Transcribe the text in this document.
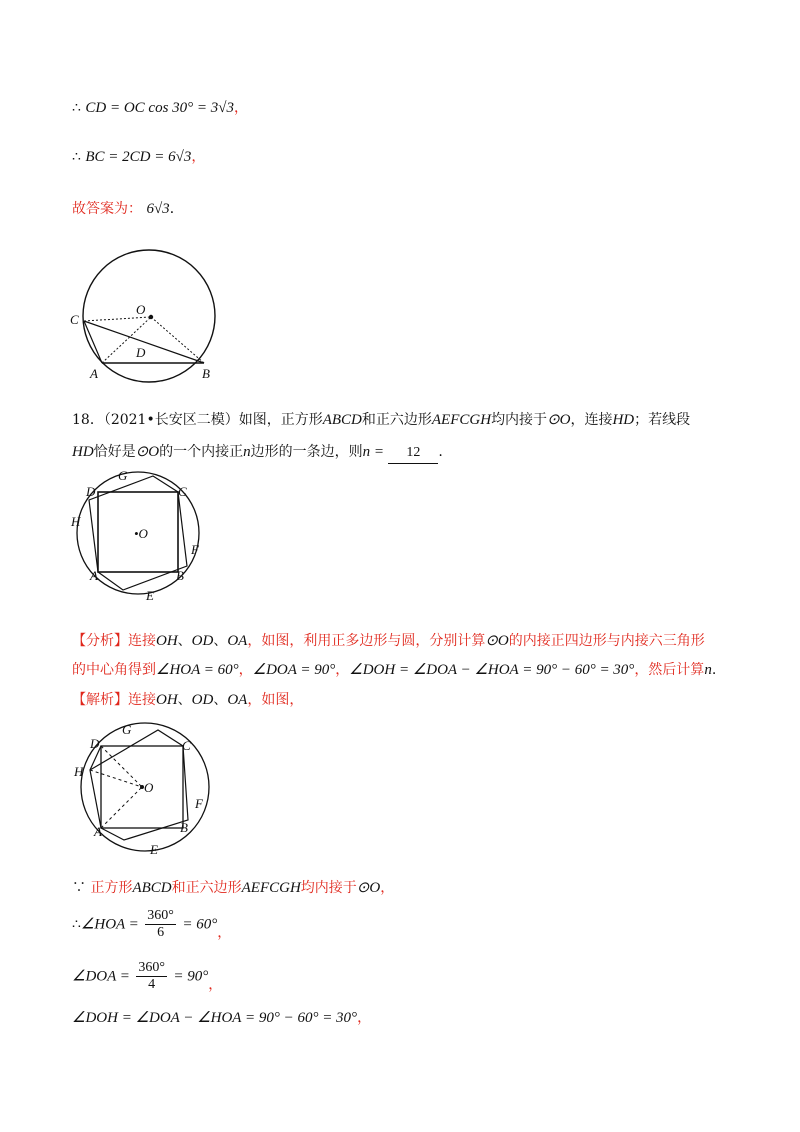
∴ CD = OC cos 30° = 3√3，
∴ BC = 2CD = 6√3，
故答案为： 6√3．
O
C
D
A	B
18．（2021•长安区二模）如图，正方形ABCD和正六边形AEFCGH均内接于⊙O，连接HD；若线段
HD恰好是⊙O的一个内接正n边形的一条边，则n = 12 .
G
D	C
H
•O
F
A	B
E
【分析】连接OH、OD、OA，如图，利用正多边形与圆，分别计算⊙O的内接正四边形与内接六三角形
的中心角得到∠HOA = 60°，∠DOA = 90°，∠DOH = ∠DOA − ∠HOA = 90° − 60° = 30°，然后计算n.
【解析】连接OH、OD、OA，如图，
G
D	C
H
O
F
A	B
E
∵ 正方形ABCD和正六边形AEFCGH均内接于⊙O，
∴∠HOA = $\frac{360^\circ}{6} = 60^\circ$，
∠DOA = $\frac{360^\circ}{4} = 90^\circ$，
∠DOH = ∠DOA − ∠HOA = 90° − 60° = 30°，
